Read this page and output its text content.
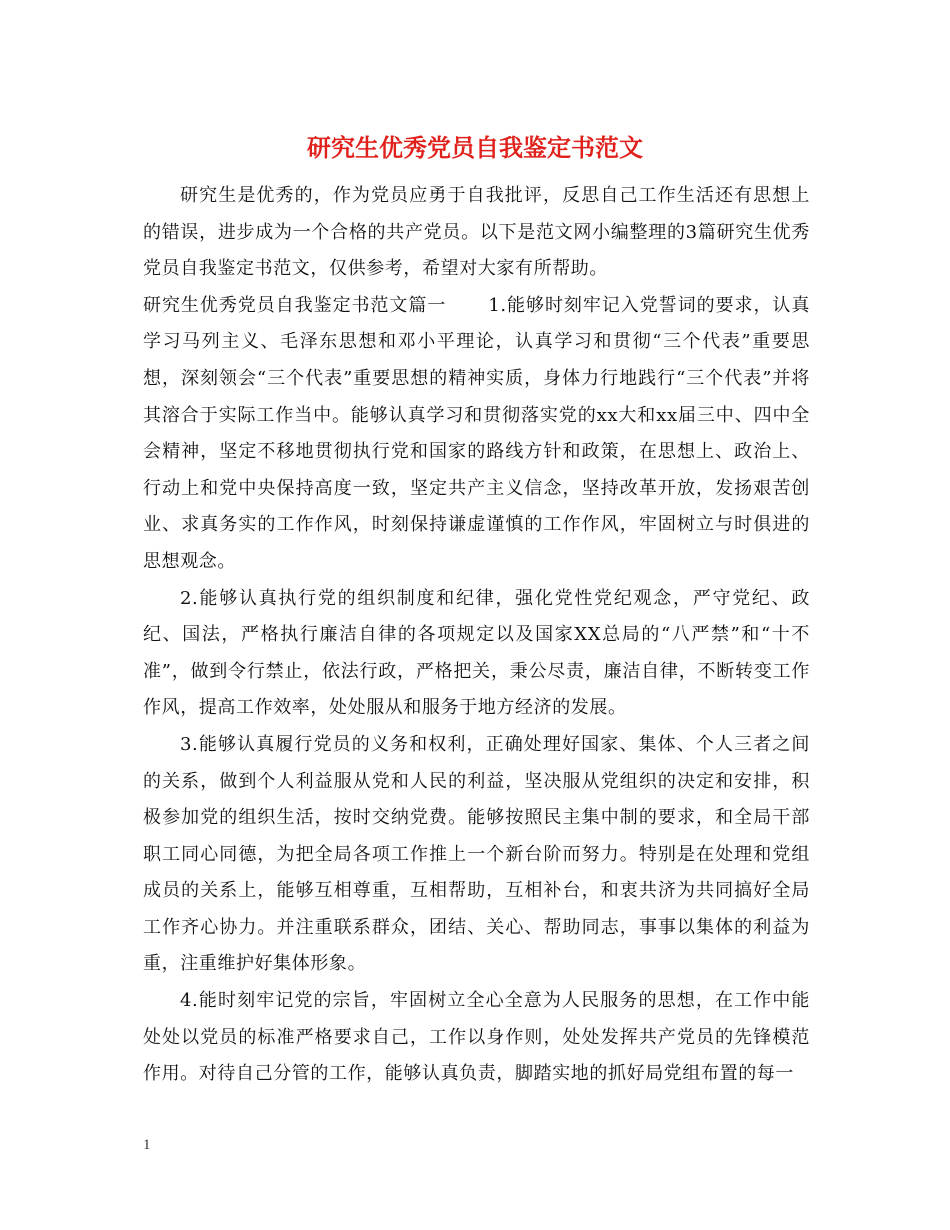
研究生优秀党员自我鉴定书范文

研究生是优秀的，作为党员应勇于自我批评，反思自己工作生活还有思想上的错误，进步成为一个合格的共产党员。以下是范文网小编整理的3篇研究生优秀党员自我鉴定书范文，仅供参考，希望对大家有所帮助。

研究生优秀党员自我鉴定书范文篇一 1.能够时刻牢记入党誓词的要求，认真学习马列主义、毛泽东思想和邓小平理论，认真学习和贯彻“三个代表”重要思想，深刻领会“三个代表”重要思想的精神实质，身体力行地践行“三个代表”并将其溶合于实际工作当中。能够认真学习和贯彻落实党的xx大和xx届三中、四中全会精神，坚定不移地贯彻执行党和国家的路线方针和政策，在思想上、政治上、行动上和党中央保持高度一致，坚定共产主义信念，坚持改革开放，发扬艰苦创业、求真务实的工作作风，时刻保持谦虚谨慎的工作作风，牢固树立与时俱进的思想观念。

2.能够认真执行党的组织制度和纪律，强化党性党纪观念，严守党纪、政纪、国法，严格执行廉洁自律的各项规定以及国家XX总局的“八严禁”和“十不准”，做到令行禁止，依法行政，严格把关，秉公尽责，廉洁自律，不断转变工作作风，提高工作效率，处处服从和服务于地方经济的发展。

3.能够认真履行党员的义务和权利，正确处理好国家、集体、个人三者之间的关系，做到个人利益服从党和人民的利益，坚决服从党组织的决定和安排，积极参加党的组织生活，按时交纳党费。能够按照民主集中制的要求，和全局干部职工同心同德，为把全局各项工作推上一个新台阶而努力。特别是在处理和党组成员的关系上，能够互相尊重，互相帮助，互相补台，和衷共济为共同搞好全局工作齐心协力。并注重联系群众，团结、关心、帮助同志，事事以集体的利益为重，注重维护好集体形象。

4.能时刻牢记党的宗旨，牢固树立全心全意为人民服务的思想，在工作中能处处以党员的标准严格要求自己，工作以身作则，处处发挥共产党员的先锋模范作用。对待自己分管的工作，能够认真负责，脚踏实地的抓好局党组布置的每一

1
